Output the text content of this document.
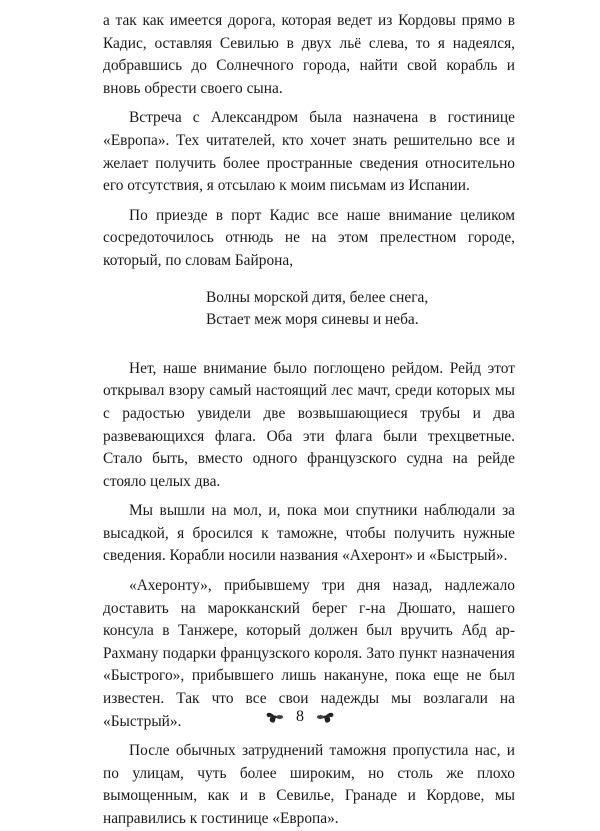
а так как имеется дорога, которая ведет из Кордовы прямо в Кадис, оставляя Севилью в двух льё слева, то я надеялся, добравшись до Солнечного города, найти свой корабль и вновь обрести своего сына.

Встреча с Александром была назначена в гостинице «Европа». Тех читателей, кто хочет знать решительно все и желает получить более пространные сведения относительно его отсутствия, я отсылаю к моим письмам из Испании.

По приезде в порт Кадис все наше внимание целиком сосредоточилось отнюдь не на этом прелестном городе, который, по словам Байрона,

Волны морской дитя, белее снега,
Встает меж моря синевы и неба.

Нет, наше внимание было поглощено рейдом. Рейд этот открывал взору самый настоящий лес мачт, среди которых мы с радостью увидели две возвышающиеся трубы и два развевающихся флага. Оба эти флага были трехцветные. Стало быть, вместо одного французского судна на рейде стояло целых два.

Мы вышли на мол, и, пока мои спутники наблюдали за высадкой, я бросился к таможне, чтобы получить нужные сведения. Корабли носили названия «Ахеронт» и «Быстрый».

«Ахеронту», прибывшему три дня назад, надлежало доставить на марокканский берег г-на Дюшато, нашего консула в Танжере, который должен был вручить Абд ар-Рахману подарки французского короля. Зато пункт назначения «Быстрого», прибывшего лишь накануне, пока еще не был известен. Так что все свои надежды мы возлагали на «Быстрый».

После обычных затруднений таможня пропустила нас, и по улицам, чуть более широким, но столь же плохо вымощенным, как и в Севилье, Гранаде и Кордове, мы направились к гостинице «Европа».

8
